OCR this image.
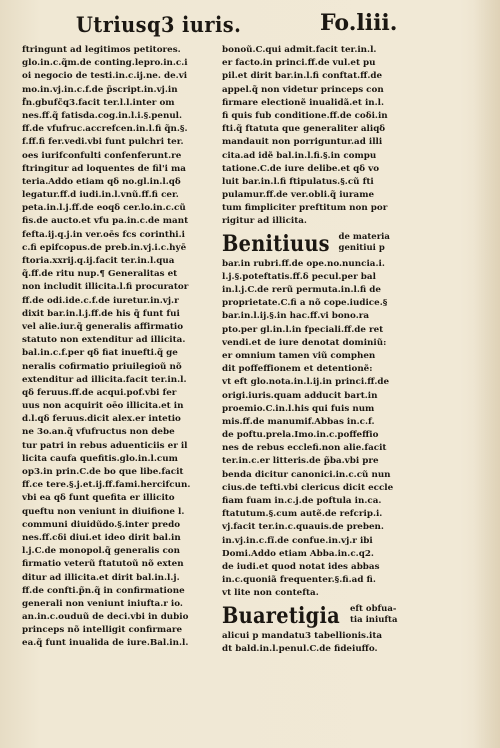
Utriusq3 iuris.	Fo.liii.
ftringunt ad legitimos petitores.
glo.in.c.q̃m.de conting.lepro.in.c.i
oi negocio de testi.in.c.ij.ne. de.vi
mo.in.vj.in.c.f.de p̃script.in.vj.in
f̃n.gbufc̃q3.facit ter.l.l.inter om
nes.ff.q̃ fatisda.cog.in.l.i.§.penul.
ff.de vfufruc.accrefcen.in.l.fi q̃n.§.
f.ff.fi fer.vedi.vbi funt pulchri ter.
oes iurifconfulti confenferunt.re
ftringitur ad loquentes de fil'i ma
teria.Addo etiam qδ no.gl.in.l.qδ
legatur.ff.d iudi.in.l.vnũ.ff.fi cer.
peta.in.l.j.ff.de eoqδ cer.lo.in.c.cũ
fis.de aucto.et vfu pa.in.c.de mant
fefta.ij.q.j.in ver.oēs fcs corinthi.i
c.fi epifcopus.de preb.in.vj.i.c.hyē
ftoria.xxrij.q.ij.facit ter.in.l.qua
q̃.ff.de ritu nup.¶ Generalitas et
non includit illicita.l.fi procurator
ff.de odi.ide.c.f.de iuretur.in.vj.r
dixit bar.in.l.j.ff.de his q̃ funt fui
vel alie.iur.q̃ generalis affirmatio
statuto non extenditur ad illicita.
bal.in.c.f.per qδ fiat inuefti.q̃ ge
neralis cofirmatio priuilegioũ nõ
extenditur ad illicita.facit ter.in.l.
qδ feruus.ff.de acqui.pof.vbi fer
uus non acquirit oēo illicita.et in
d.l.qδ feruus.dicit alex.er intetio
ne 3o.an.q̃ vfufructus non debe
tur patri in rebus aduenticiis er il
licita caufa quefitis.glo.in.l.cum
op3.in prin.C.de bo que libe.facit
ff.ce tere.§.j.et.ij.ff.fami.hercifcun.
vbi ea qδ funt quefita er illicito
queftu non veniunt in diuifione l.
communi diuidũdo.§.inter predo
nes.ff.cδi diui.et ideo dirit bal.in
l.j.C.de monopol.q̃ generalis con
firmatio veterũ ftatutoũ nõ exten
ditur ad illicita.et dirit bal.in.l.j.
ff.de confti.p̃n.q̃ in confirmatione
generali non veniunt iniufta.r io.
an.in.c.ouduũ de deci.vbi in dubio
princeps nõ intelligit confirmare
ea.q̃ funt inualida de iure.Bal.in.l.
bonoũ.C.qui admit.facit ter.in.l.
er facto.in princi.ff.de vul.et pu
pil.et dirit bar.in.l.fi conftat.ff.de
appel.q̃ non videtur princeps con
firmare electionẽ inualidã.et in.l.
fi quis fub conditione.ff.de coδi.in
fti.q̃ ftatuta que generaliter aliqδ
mandauit non porriguntur.ad illi
cita.ad idẽ bal.in.l.fi.§.in compu
tatione.C.de iure delibe.et qδ vo
luit bar.in.l.fi ftipulatus.§.cũ fti
pulamur.ff.de ver.obli.q̃ iurame
tum fimpliciter preftitum non por
rigitur ad illicita.
Benitiuus de materia
genitiui p
bar.in rubri.ff.de ope.no.nuncia.i.
l.j.§.poteftatis.ff.δ pecul.per bal
in.l.j.C.de rerũ permuta.in.l.fi de
proprietate.C.fi a nõ cope.iudice.§
bar.in.l.ij.§.in hac.ff.vi bono.ra
pto.per gl.in.l.in fpeciali.ff.de ret
vendi.et de iure denotat dominiũ:
er omnium tamen viũ comphen
dit poffeffionem et detentionẽ:
vt eft glo.nota.in.l.ij.in princi.ff.de
origi.iuris.quam adducit bart.in
proemio.C.in.l.his qui fuis num
mis.ff.de manumif.Abbas in.c.f.
de poftu.prela.Imo.in.c.poffeffio
nes de rebus ecclefi.non alie.facit
ter.in.c.er litteris.de p̃ba.vbi pre
benda dicitur canonici.in.c.cũ nun
cius.de tefti.vbi clericus dicit eccle
fiam fuam in.c.j.de poftula in.ca.
ftatutum.§.cum autẽ.de refcrip.i.
vj.facit ter.in.c.quauis.de preben.
in.vj.in.c.fĩ.de confue.in.vj.r ibi
Domi.Addo etiam Abba.in.c.q2.
de iudi.et quod notat ides abbas
in.c.quoniã frequenter.§.fi.ad fi.
vt lite non contefta.
Buaretigia eft obfua-
tia iniufta
alicui p mandatu3 tabellionis.ita
dt bald.in.l.penul.C.de fideiuffo.
